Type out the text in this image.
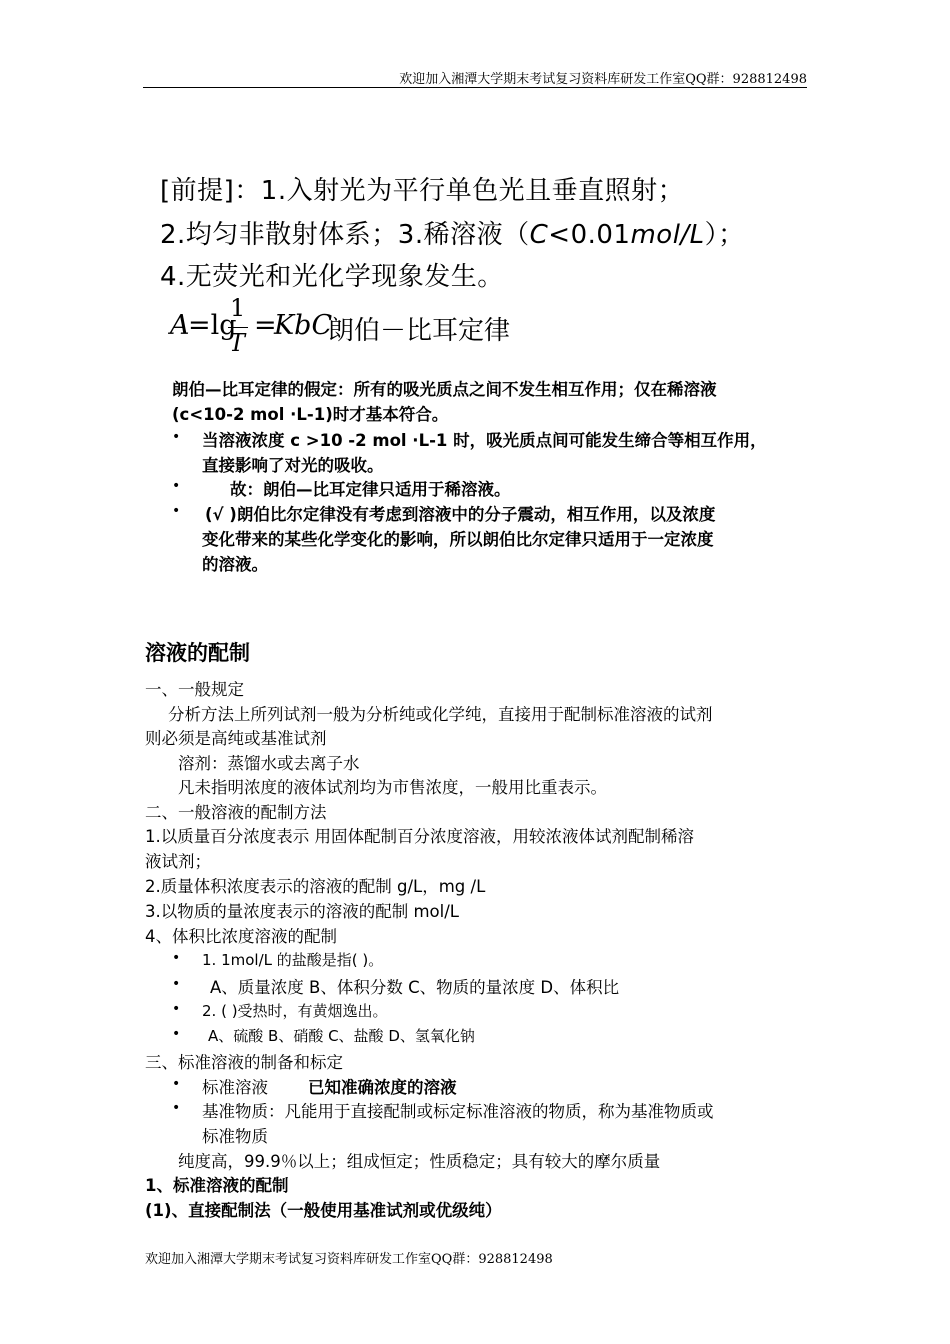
欢迎加入湘潭大学期末考试复习资料库研发工作室QQ群：928812498
[前提]：1.入射光为平行单色光且垂直照射；
2.均匀非散射体系；3.稀溶液（C<0.01mol/L）；
4.无荧光和光化学现象发生。
A
=lg
1
T
=
KbC
朗伯－比耳定律
朗伯—比耳定律的假定：所有的吸光质点之间不发生相互作用；仅在稀溶液
(c<10-2 mol ·L-1)时才基本符合。
• 当溶液浓度 c >10 -2 mol ·L-1 时，吸光质点间可能发生缔合等相互作用，
直接影响了对光的吸收。
•	故：朗伯—比耳定律只适用于稀溶液。
• (√ )朗伯比尔定律没有考虑到溶液中的分子震动，相互作用，以及浓度
变化带来的某些化学变化的影响，所以朗伯比尔定律只适用于一定浓度
的溶液。
溶液的配制
一、一般规定
分析方法上所列试剂一般为分析纯或化学纯，直接用于配制标准溶液的试剂
则必须是高纯或基准试剂
溶剂：蒸馏水或去离子水
凡未指明浓度的液体试剂均为市售浓度，一般用比重表示。
二、一般溶液的配制方法
1.以质量百分浓度表示 用固体配制百分浓度溶液，用较浓液体试剂配制稀溶
液试剂；
2.质量体积浓度表示的溶液的配制 g/L，mg /L
3.以物质的量浓度表示的溶液的配制 mol/L
4、体积比浓度溶液的配制
• 1. 1mol/L 的盐酸是指( )。
• A、质量浓度 B、体积分数 C、物质的量浓度 D、体积比
• 2. ( )受热时，有黄烟逸出。
• A、硫酸 B、硝酸 C、盐酸 D、氢氧化钠
三、标准溶液的制备和标定
• 标准溶液 已知准确浓度的溶液
• 基准物质：凡能用于直接配制或标定标准溶液的物质，称为基准物质或
标准物质
纯度高，99.9％以上；组成恒定；性质稳定；具有较大的摩尔质量
1、标准溶液的配制
(1)、直接配制法（一般使用基准试剂或优级纯）
欢迎加入湘潭大学期末考试复习资料库研发工作室QQ群：928812498
